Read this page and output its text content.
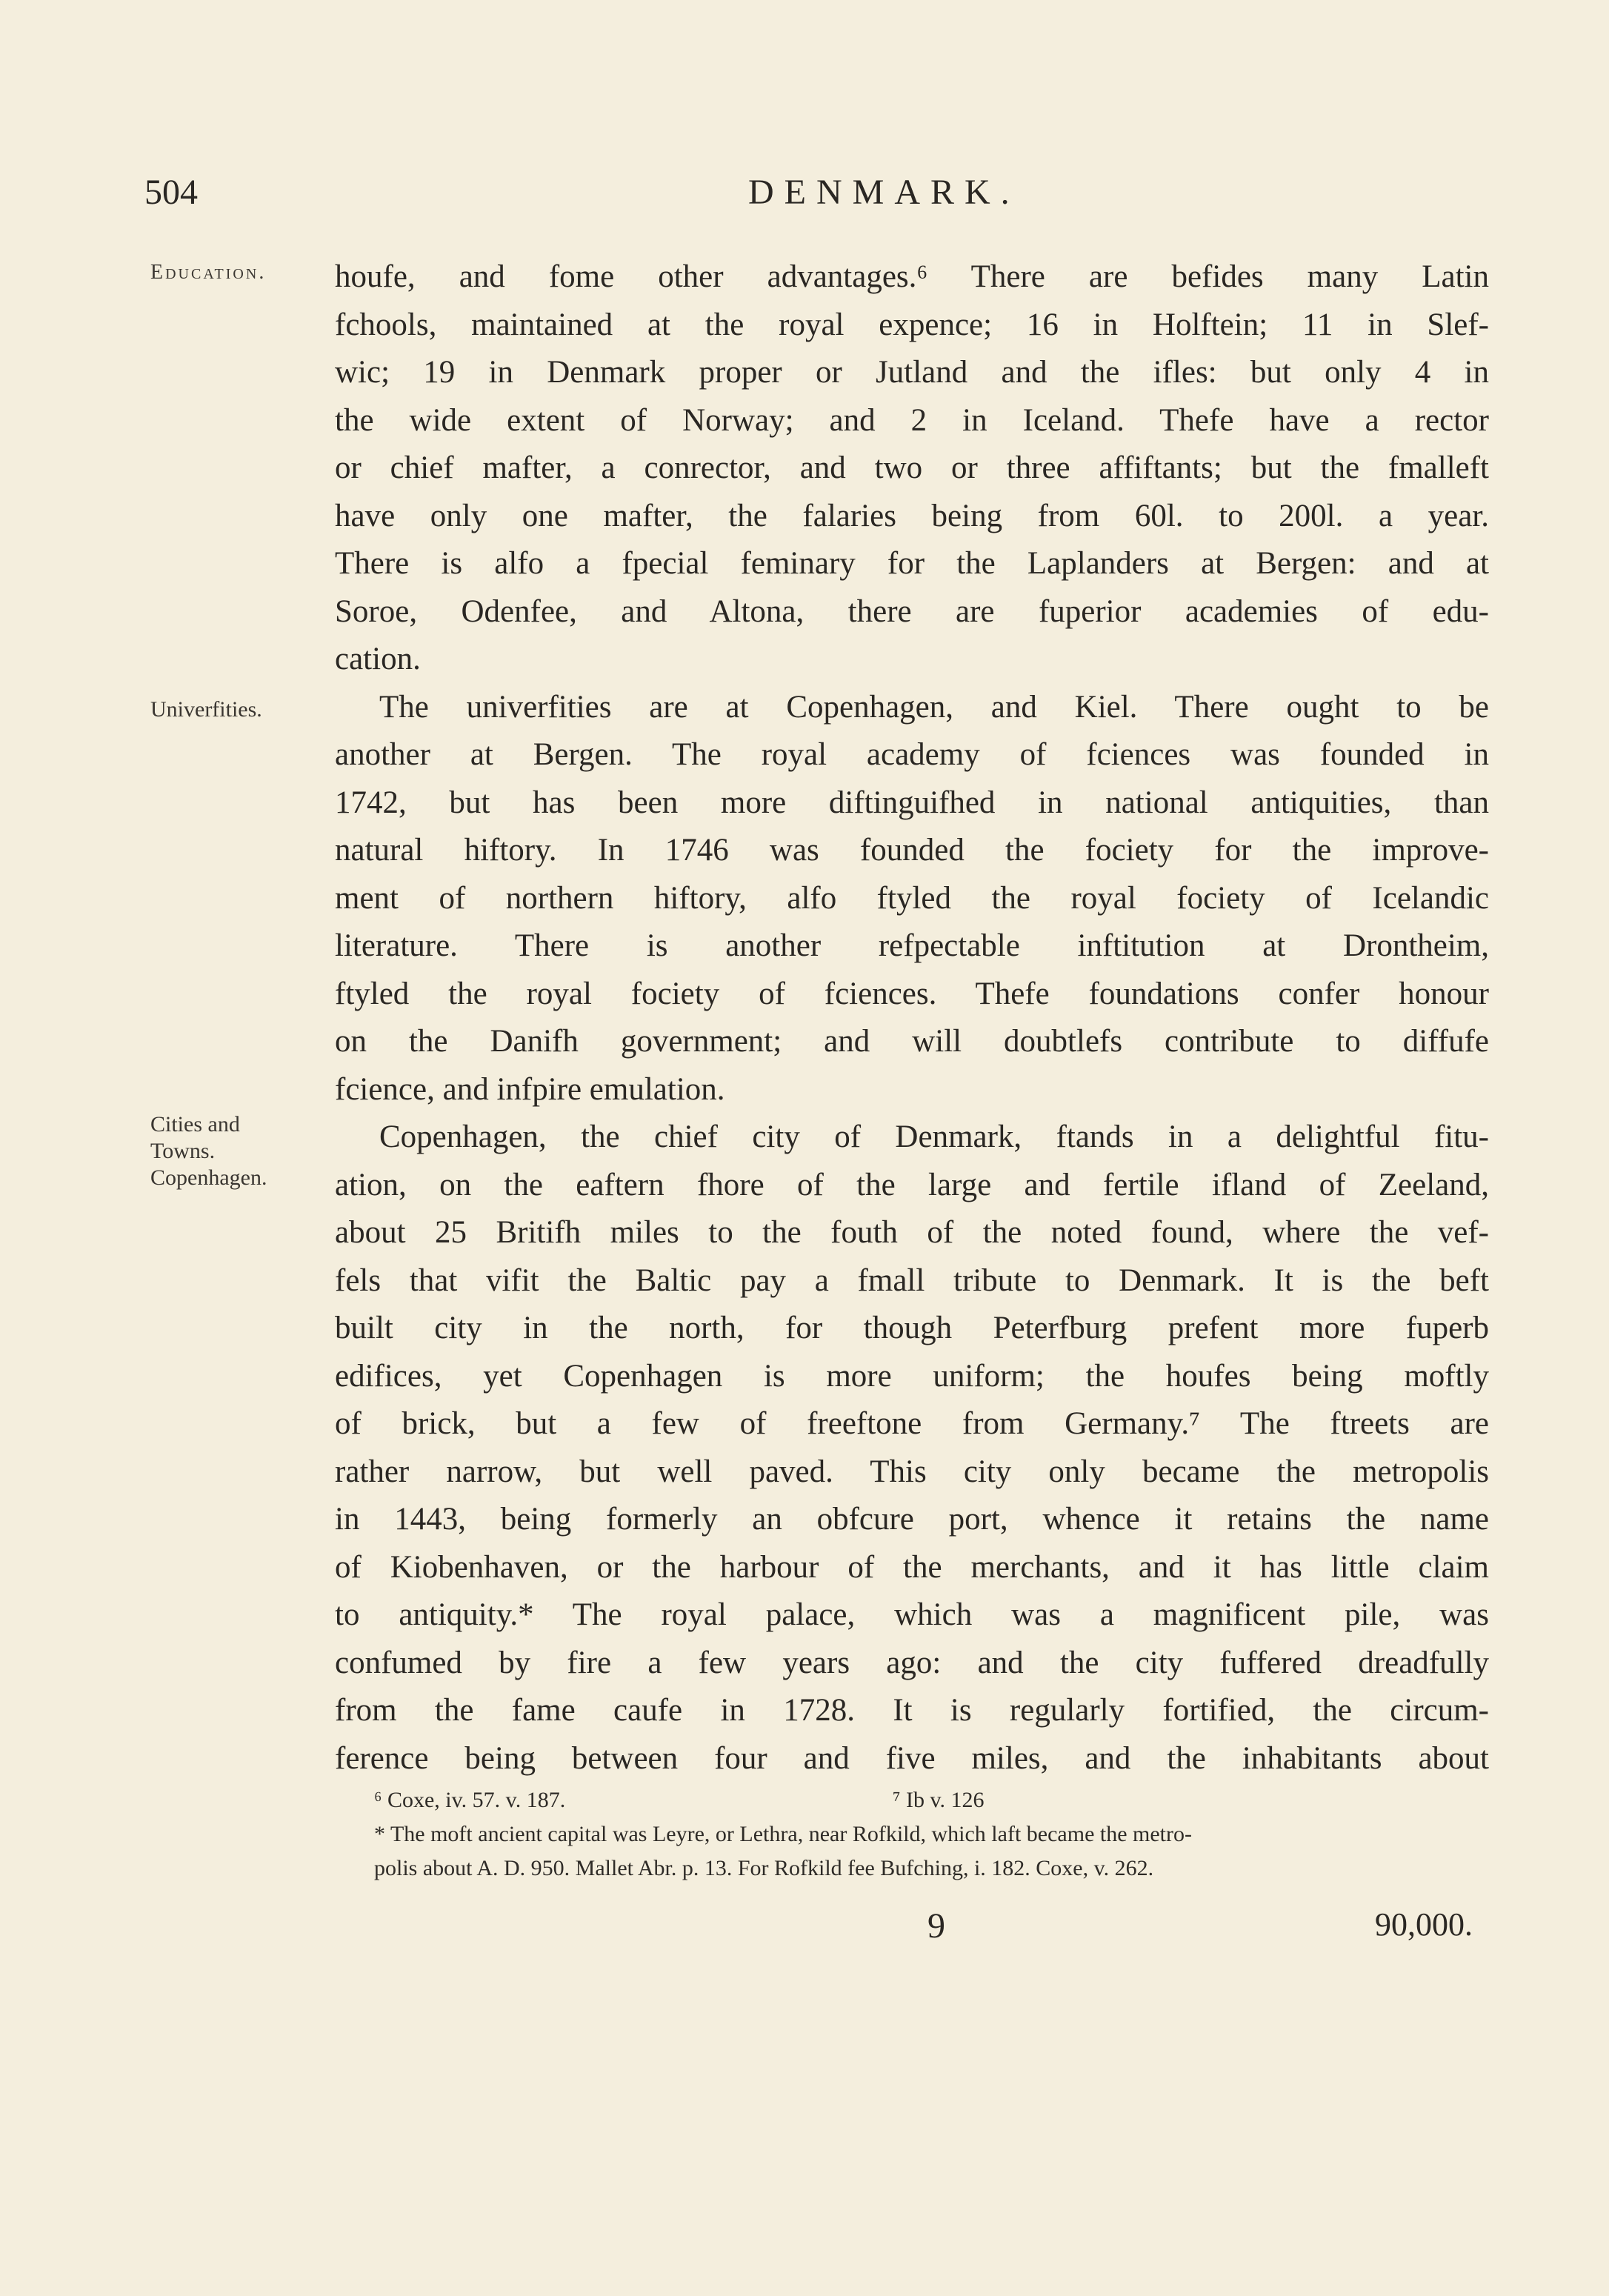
504	DENMARK.
Education.
Univerfities.
Cities and
Towns.
Copenhagen.
houfe, and fome other advantages.⁶ There are befides many Latin
fchools, maintained at the royal expence; 16 in Holftein; 11 in Slef-
wic; 19 in Denmark proper or Jutland and the ifles: but only 4 in
the wide extent of Norway; and 2 in Iceland. Thefe have a rector
or chief mafter, a conrector, and two or three affiftants; but the fmalleft
have only one mafter, the falaries being from 60l. to 200l. a year.
There is alfo a fpecial feminary for the Laplanders at Bergen: and at
Soroe, Odenfee, and Altona, there are fuperior academies of edu-
cation.
The univerfities are at Copenhagen, and Kiel. There ought to be
another at Bergen. The royal academy of fciences was founded in
1742, but has been more diftinguifhed in national antiquities, than
natural hiftory. In 1746 was founded the fociety for the improve-
ment of northern hiftory, alfo ftyled the royal fociety of Icelandic
literature. There is another refpectable inftitution at Drontheim,
ftyled the royal fociety of fciences. Thefe foundations confer honour
on the Danifh government; and will doubtlefs contribute to diffufe
fcience, and infpire emulation.
Copenhagen, the chief city of Denmark, ftands in a delightful fitu-
ation, on the eaftern fhore of the large and fertile ifland of Zeeland,
about 25 Britifh miles to the fouth of the noted found, where the vef-
fels that vifit the Baltic pay a fmall tribute to Denmark. It is the beft
built city in the north, for though Peterfburg prefent more fuperb
edifices, yet Copenhagen is more uniform; the houfes being moftly
of brick, but a few of freeftone from Germany.⁷ The ftreets are
rather narrow, but well paved. This city only became the metropolis
in 1443, being formerly an obfcure port, whence it retains the name
of Kiobenhaven, or the harbour of the merchants, and it has little claim
to antiquity.* The royal palace, which was a magnificent pile, was
confumed by fire a few years ago: and the city fuffered dreadfully
from the fame caufe in 1728. It is regularly fortified, the circum-
ference being between four and five miles, and the inhabitants about
⁶ Coxe, iv. 57. v. 187.	⁷ Ib v. 126
* The moft ancient capital was Leyre, or Lethra, near Rofkild, which laft became the metro-
polis about A. D. 950. Mallet Abr. p. 13. For Rofkild fee Bufching, i. 182. Coxe, v. 262.
9	90,000.
